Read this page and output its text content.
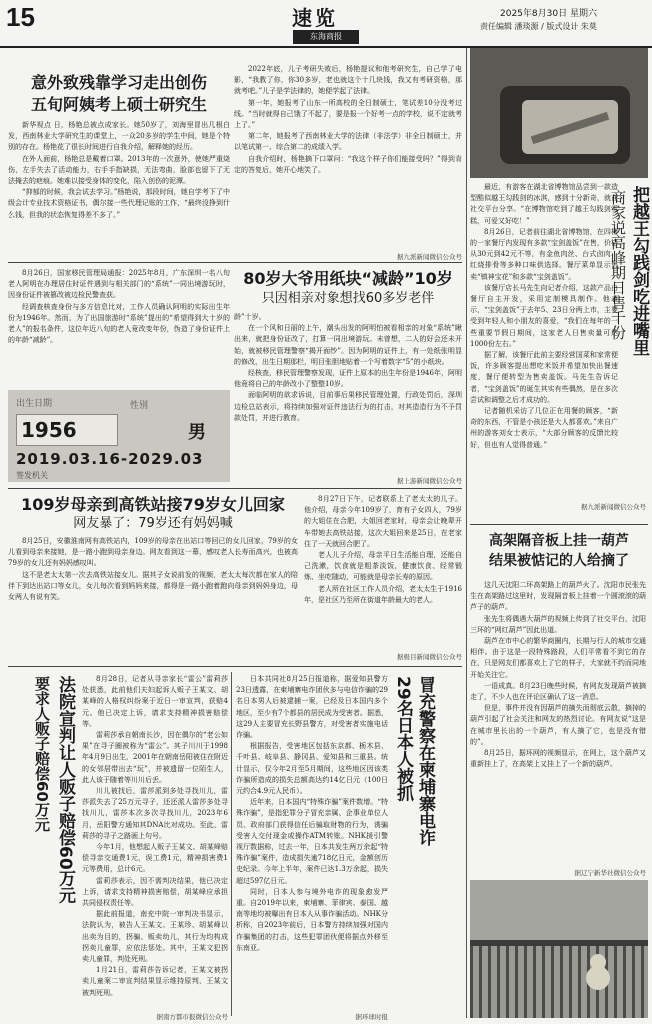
15	速览
东海商报
2025年8月30日 星期六
责任编辑 潘琰源 / 版式设计 朱莫
意外致残靠学习走出创伤
五旬阿姨考上硕士研究生

新华视点 日，杨艳总被点成家长。她50岁了，刘海里冒出几根白发，西南林业大学研究生的课堂上，一众20多岁的学生中间，她是个特别的存在。杨艳花了很长时间进行自我介绍，解释她的经历。

在外人面前，杨艳总是戴着口罩。2013年的一次意外，使她严重烧伤，左手失去了活动能力，右手手指缺损，无法弯曲，脸部也留下了无法掩去的疤痕。她难以接受身体的变化，陷入创伤的泥潭。

“抑郁的时候，我会试去学习。”杨艳说，那段时间，她自学考下了中级会计专业技术资格证书，偶尔接一些代理记账的工作，“最终没挣到什么钱，但我的状态恢复得差不多了。”

2022年底，儿子考研失败后，杨艳提议和他考研究生，自己学了电影，“我教了你，你30多岁，老也就这个十几块钱，我又有考研资格，那就考吧。”儿子是学法律的，她便学起了法律。

第一年，她报考了山东一所高校的全日制硕士，笔试差10分没考过线。“当时就得自己饿了不起了，要是报一个好考一点的学校，说不定就考上了。”

第二年，她报考了西南林业大学的法律（非法学）非全日制硕士，并以笔试第一、综合第二的成绩入学。

自我介绍时，杨艳摘下口罩问：“我这个样子你们能接受吗？”得到肯定的答复后，她开心地笑了。

据九派新闻微信公众号

8月26日，国家移民管理局通报：2025年8月，广东深圳一名八旬老人阿明在办理居住时证件遇到与相关部门的“系统”一同出境游玩时，因身份证件被篡改被边检民警查获。

经调查核查身份与多方信息比对，工作人员确认阿明的实际出生年份为1946年。然而，为了出国旅游时“系统”提出的“希望得到大十岁的老人”的报名条件，这位年近八旬的老人竟改变年份，伪造了身份证件上的年龄“减龄”。

出生日期
1956
性别
男
2019.03.16-2029.03
签发机关
80岁大爷用纸块“减龄”10岁
只因相亲对象想找60多岁老伴

龄”十岁。

在一个风和日丽的上午，潮头出发的阿明怕被看相亲的对象“系统”瞅出来，就把身份证改了，打算一同出境游玩。未曾想，二人的好会还未开始，就被移民管理警察“揭开面纱”。因为阿明的证件上，有一处纸张明显的修改，出生日期那栏，明目张胆地贴着一个写着数字“5”的小纸块。

经核查，移民管理警察发现，证件上原本的出生年份是1946年，阿明他竟将自己的年龄改小了整整10岁。

面临阿明的欲求诉说，目前事后果移民管理处置，行政处罚后，深圳边检总站表示，将持续加强对证件违法行为的打击，对其造造行为不予罚款处罚，并进行教育。

据上游新闻微信公众号
109岁母亲到高铁站接79岁女儿回家
网友暴了：79岁还有妈妈喊

8月25日，安徽淮南网有高铁站内，109岁的母亲在出站口等回已的女儿回家，79岁的女儿看到母亲来接她，是一路小跑到母亲身边。网友看到这一幕，感叹老人长寿而高兴，也被高79岁的女儿还有妈妈感叹叫。

这不是老太太第一次去高铁站接女儿。据其子女说前发的视频，老太太每次都在家人的陪伴下到达出站口等女儿，女儿每次看到妈妈来接，都得是一路小跑着跑向母亲到妈妈身边，母女两人有说有笑。

8月27日下午，记者联系上了老太太的儿子。他介绍，母亲今年109岁了，育有子女四人，79岁的大姐住在合肥，大姐回老家时，母亲会让晚辈开车带她去高铁站接，这次大姐回来是25日，在老家住了一天就回合肥了。

老人儿子介绍，母亲平日生活能自理，还能自己洗漱，饮食就是粗茶淡饭，健康饮食、经常锻炼、坐吃随动，可能就是母亲长寿的原因。

老人所在社区工作人员介绍，老太太生于1916年，是社区乃至所在街道年龄最大的老人。

据极目新闻微信公众号
法院宣判让人贩子赔偿60万元
要求人贩子赔偿60万元	8月28日，记者从寻亲家长“雷公”雷莉莎处获悉，此前他们夫妇起诉人贩子王某文、胡某峰的人格权纠纷案于近日一审宣判，获赔4元。他已决定上诉，请求支持精神损害赔偿等。

雷莉莎承自朝南长沙，因在偶尔的“老公如果”在寻子圈被称为“雷公”。其子川川于1998年4月9日出生，2001年在朝南岳阳被住在附近的女邻居带出去“玩”，并被遗留一位陌生人，此人该于随着等川川后丢。

川儿被找后，雷莎派到多处寻找川儿，雷莎派失去了25万元寻子，还还派人雷莎多处寻找川儿，雷莎本次多次寻找川儿，2023年6月，岳阳警方通知其DNA比对成功。至此，雷莉莎的寻子之路画上句号。

今年1月，他想起人贩子王某文、胡某峰赔偿寻亲交通费1元，误工费1元，精神损害费1元等费用，总计6元。

雷莉莎表示，因不需判决结果，他已决定上诉，请求支持精神损害赔偿，胡某峰应承担共同侵权责任等。

据此前报道，南充中院一审判决书显示，法院认为，被告人王某文、王某珍、胡某峰以出卖为目的，拐骗、贩卖幼儿，其行为均构成拐卖儿童罪，应依法惩处。其中，王某文犯拐卖儿童罪，判处死刑。

1月21日，雷莉莎告诉记者，王某文被拐卖儿童案二审宣判结果显示维持原判，王某文被判死刑。

据南方都市报微信公众号

日本共同社8月25日报道称，据爱知县警方23日透露，在柬埔寨电诈团伙多与电信诈骗的29名日本男人后被逮捕一案，已经及日本国内多个地区，至少有7个都县的居民成为受害者。据悉，这29人主要冒充长野县警方，对受害者实施电话诈骗。

根据报告，受害地区包括东京都、栃木县、千叶县、岐阜县、静冈县、爱知县和三重县。统计显示，仅今年2月至5月期间，这些地区因该类诈骗所造成的损失总额高达约14亿日元（100日元约合4.9元人民币）。

近年来，日本国内“特殊诈骗”案件数增。“特殊诈骗”，是指犯罪分子冒充亲属、企事业单位人员、政府部门获得信任后骗取财物的行为，诱骗受害人交付现金或操作ATM转账。NHK援引警视厅数据称，过去一年，日本共发生两万余起“特殊诈骗”案件，造成损失逾718亿日元，金额创历史纪录。今年上半年，案件已达1.3万余起，损失超过597亿日元。

同时，日本人参与境外电诈的现象愈发严重。自2019年以来，柬埔寨、菲律宾、泰国、越南等地均被曝出有日本人从事诈骗活动。NHK分析称，自2023年前后，日本警方持续加强对国内诈骗集团的打击，这些犯罪团伙便将据点外移至东南亚。

据环球时报
冒充警察在柬埔寨电诈
29名日本人被抓

最近，有游客在湖北省博物馆品尝到一款造型酷似越王勾践剑的冰淇，感到十分新奇，就在社交平台分享。“在博物馆吃到了越王勾践剑雪糕，可爱又好吃！”

8月26日，记者前往湖北省博物馆，在四楼的一家餐厅内发现有多款“宝剑盖饭”在售，价格从30元到42元不等，有金鱼肉丝、台式卤肉、红烧排骨等多种口味供选择。餐厅菜单显示售卖“镇神宝花”和多款“宝剑盖饭”。

该餐厅店长马先生向记者介绍，这款产品由餐厅自主开发，采用定制模具制作。他表示，“宝剑盖饭”于去年5、23日分两上市，主要受到年轻人和小朋友的喜爱，“我们在每年的一些重要节假日期间，这家老人日售卖量可达1000份左右。”

据了解，该餐厅此前主要经营国菜和家常便饭，许多顾客提出想吃米饭并希望加快出餐速度，餐厅便转型为售卖盖饭。马先生告诉记者，“宝剑盖饭”的诞生其实有些偶然，是在多次尝试和调整之后才成功的。

记者随机采访了几位正在用餐的顾客，“新奇的东西，不管是小孩还是大人都喜欢。”来自广州的游客刘女士表示，“大部分顾客的反馈比较好，但也有人觉得普通。”

把越王勾践剑吃进嘴里
商家说高峰期日售千份
据九派新闻微信公众号
高架隔音板上挂一葫芦
结果被惦记的人给摘了

这几天沈阳二环高架路上的葫芦火了。沈阳市民张先生在高架路过这里时，发现隔音板上挂着一个圆滚滚的葫芦子的葫芦。

张先生将偶遇大葫芦的视频上传到了社交平台，沈阳三环的“网红葫芦”因此出道。

葫芦在市中心的繁华商圈内，长期与行人的城市交通相伴。由于这是一段特殊路段，人们平常看不到它的存在，只是网友们都喜欢上了它的样子，大家就不约而同地开始关注它。

一语成真。8月23日晚些时候，有网友发现葫芦被摘走了，不少人也在评论区确认了这一消息。

但是，事件并没有因葫芦的摘失而彻底云散，摘掉的葫芦引起了社会关注和网友的热烈讨论。有网友说“这是在城市里长出的一个葫芦，有人摘了它，也是没有错的”。

8月25日，据环网的视频显示，在网上，这个葫芦又重新挂上了，在高架上又挂上了一个新的葫芦。

据辽宁新华社微信公众号
